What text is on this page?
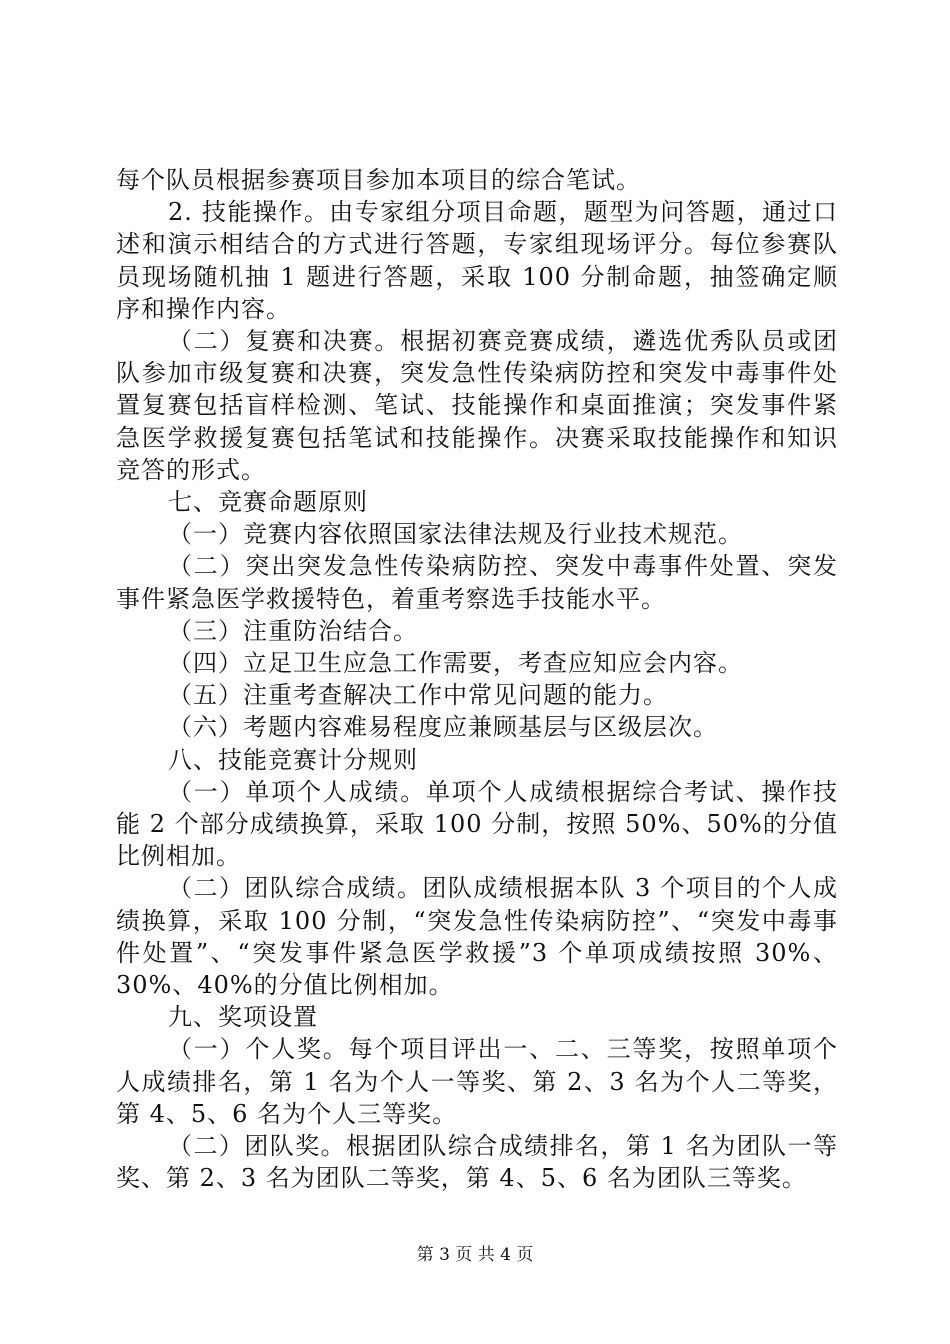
每个队员根据参赛项目参加本项目的综合笔试。

2. 技能操作。由专家组分项目命题，题型为问答题，通过口述和演示相结合的方式进行答题，专家组现场评分。每位参赛队员现场随机抽 1 题进行答题，采取 100 分制命题，抽签确定顺序和操作内容。

（二）复赛和决赛。根据初赛竞赛成绩，遴选优秀队员或团队参加市级复赛和决赛，突发急性传染病防控和突发中毒事件处置复赛包括盲样检测、笔试、技能操作和桌面推演；突发事件紧急医学救援复赛包括笔试和技能操作。决赛采取技能操作和知识竞答的形式。

七、竞赛命题原则

（一）竞赛内容依照国家法律法规及行业技术规范。

（二）突出突发急性传染病防控、突发中毒事件处置、突发事件紧急医学救援特色，着重考察选手技能水平。

（三）注重防治结合。

（四）立足卫生应急工作需要，考查应知应会内容。

（五）注重考查解决工作中常见问题的能力。

（六）考题内容难易程度应兼顾基层与区级层次。

八、技能竞赛计分规则

（一）单项个人成绩。单项个人成绩根据综合考试、操作技能 2 个部分成绩换算，采取 100 分制，按照 50%、50%的分值比例相加。

（二）团队综合成绩。团队成绩根据本队 3 个项目的个人成绩换算，采取 100 分制，“突发急性传染病防控”、“突发中毒事件处置”、“突发事件紧急医学救援”3 个单项成绩按照 30%、30%、40%的分值比例相加。

九、奖项设置

（一）个人奖。每个项目评出一、二、三等奖，按照单项个人成绩排名，第 1 名为个人一等奖、第 2、3 名为个人二等奖，第 4、5、6 名为个人三等奖。

（二）团队奖。根据团队综合成绩排名，第 1 名为团队一等奖、第 2、3 名为团队二等奖，第 4、5、6 名为团队三等奖。

第 3 页 共 4 页
